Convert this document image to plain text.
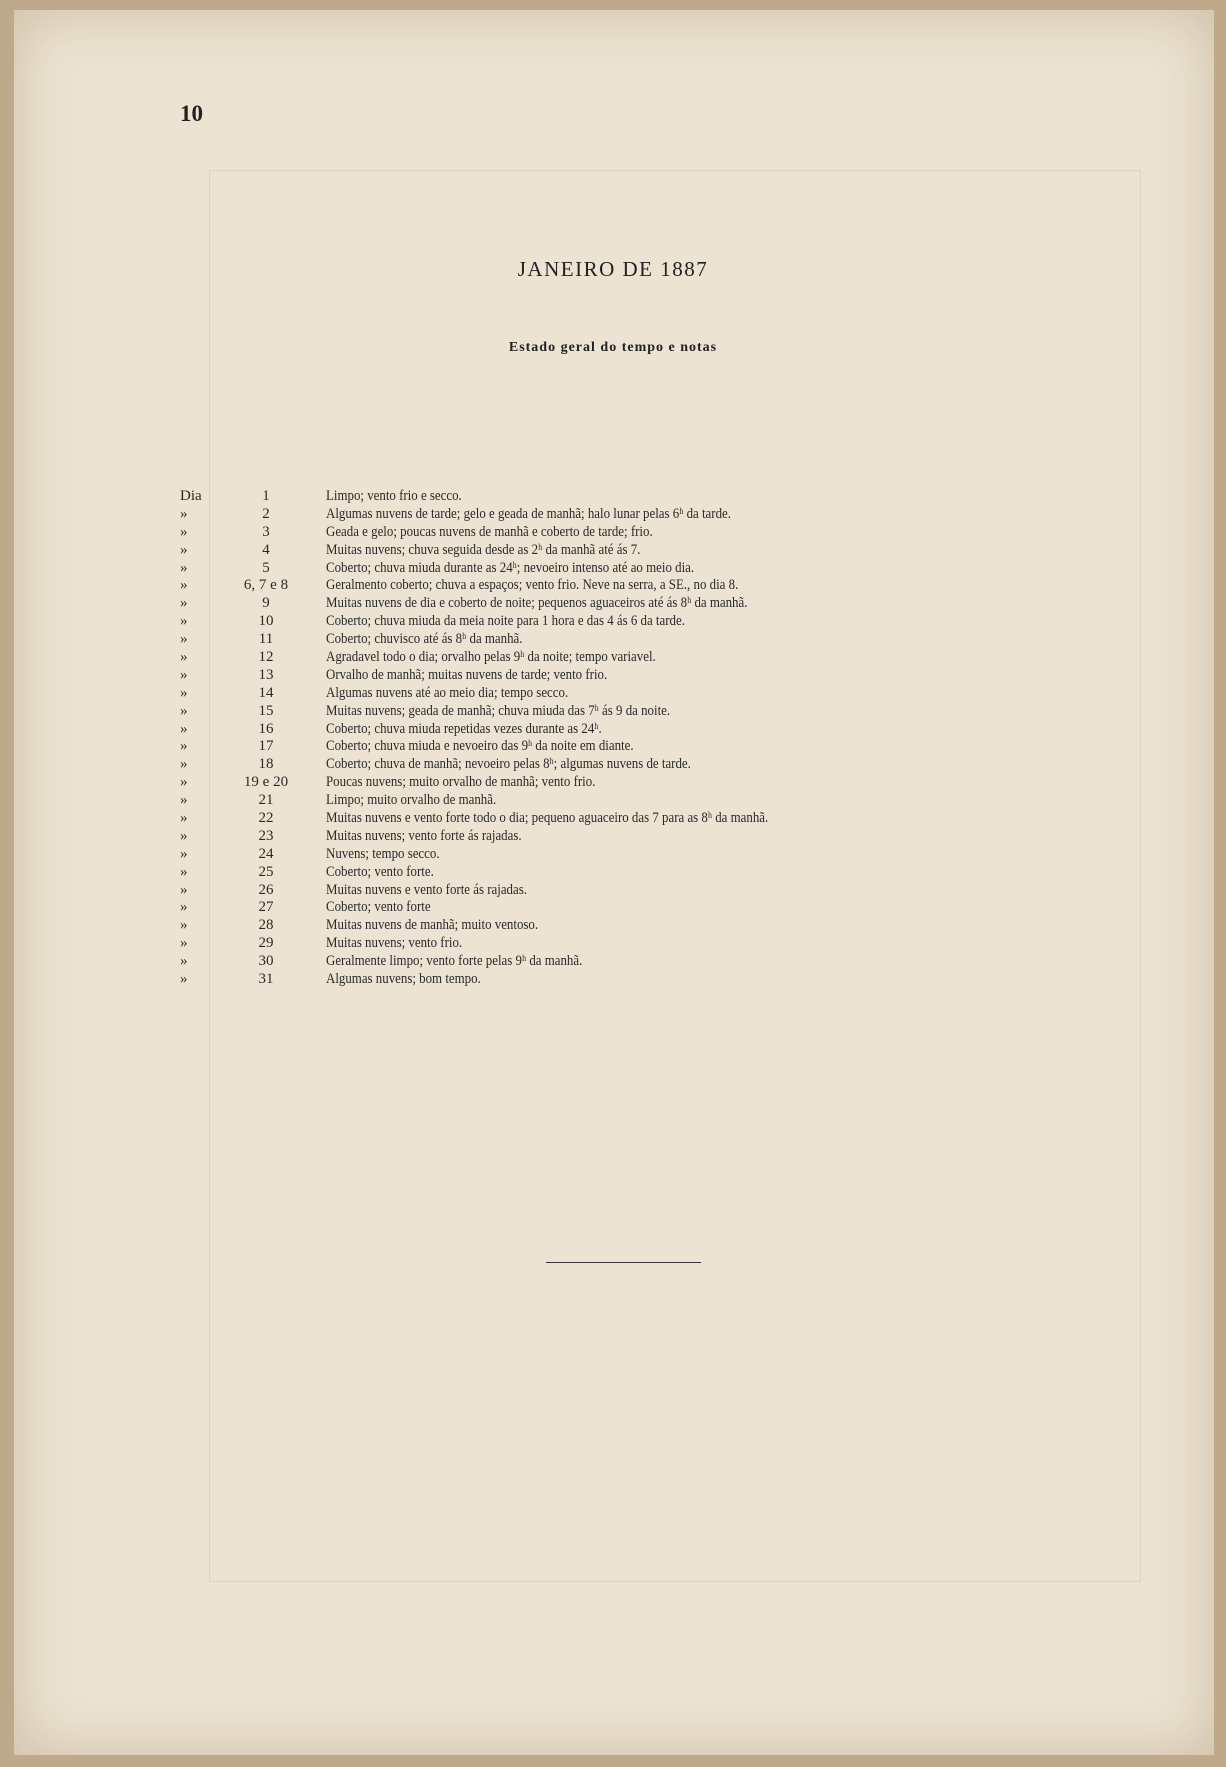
10
JANEIRO DE 1887
Estado geral do tempo e notas
Dia	1	Limpo; vento frio e secco.
»	2	Algumas nuvens de tarde; gelo e geada de manhã; halo lunar pelas 6ʰ da tarde.
»	3	Geada e gelo; poucas nuvens de manhã e coberto de tarde; frio.
»	4	Muitas nuvens; chuva seguida desde as 2ʰ da manhã até ás 7.
»	5	Coberto; chuva miuda durante as 24ʰ; nevoeiro intenso até ao meio dia.
»	6, 7 e 8	Geralmento coberto; chuva a espaços; vento frio. Neve na serra, a SE., no dia 8.
»	9	Muitas nuvens de dia e coberto de noite; pequenos aguaceiros até ás 8ʰ da manhã.
»	10	Coberto; chuva miuda da meia noite para 1 hora e das 4 ás 6 da tarde.
»	11	Coberto; chuvisco até ás 8ʰ da manhã.
»	12	Agradavel todo o dia; orvalho pelas 9ʰ da noite; tempo variavel.
»	13	Orvalho de manhã; muitas nuvens de tarde; vento frio.
»	14	Algumas nuvens até ao meio dia; tempo secco.
»	15	Muitas nuvens; geada de manhã; chuva miuda das 7ʰ ás 9 da noite.
»	16	Coberto; chuva miuda repetidas vezes durante as 24ʰ.
»	17	Coberto; chuva miuda e nevoeiro das 9ʰ da noite em diante.
»	18	Coberto; chuva de manhã; nevoeiro pelas 8ʰ; algumas nuvens de tarde.
»	19 e 20	Poucas nuvens; muito orvalho de manhã; vento frio.
»	21	Limpo; muito orvalho de manhã.
»	22	Muitas nuvens e vento forte todo o dia; pequeno aguaceiro das 7 para as 8ʰ da manhã.
»	23	Muitas nuvens; vento forte ás rajadas.
»	24	Nuvens; tempo secco.
»	25	Coberto; vento forte.
»	26	Muitas nuvens e vento forte ás rajadas.
»	27	Coberto; vento forte
»	28	Muitas nuvens de manhã; muito ventoso.
»	29	Muitas nuvens; vento frio.
»	30	Geralmente limpo; vento forte pelas 9ʰ da manhã.
»	31	Algumas nuvens; bom tempo.
